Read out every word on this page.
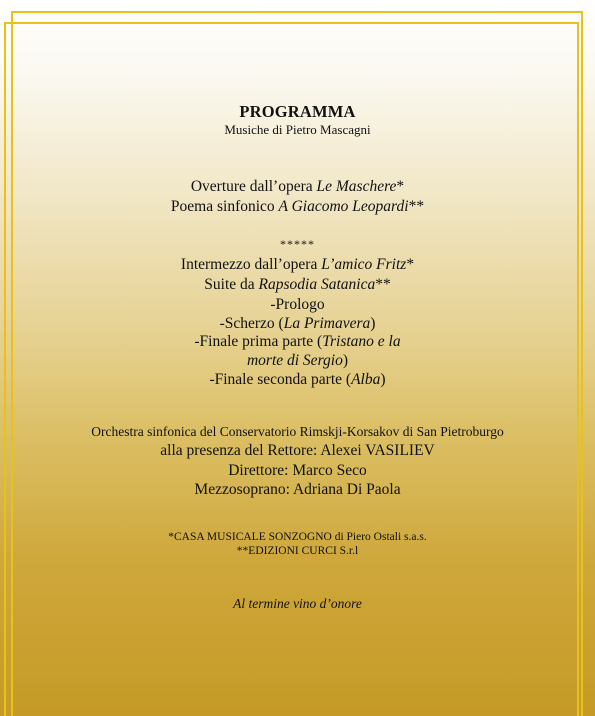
PROGRAMMA
Musiche di Pietro Mascagni
Overture dall’opera Le Maschere*
Poema sinfonico A Giacomo Leopardi**
*****
Intermezzo dall’opera L’amico Fritz*
Suite da Rapsodia Satanica**
-Prologo
-Scherzo (La Primavera)
-Finale prima parte (Tristano e la
morte di Sergio)
-Finale seconda parte (Alba)
Orchestra sinfonica del Conservatorio Rimskji-Korsakov di San Pietroburgo
alla presenza del Rettore: Alexei VASILIEV
Direttore: Marco Seco
Mezzosoprano: Adriana Di Paola
*CASA MUSICALE SONZOGNO di Piero Ostali s.a.s.
**EDIZIONI CURCI S.r.l
Al termine vino d’onore
